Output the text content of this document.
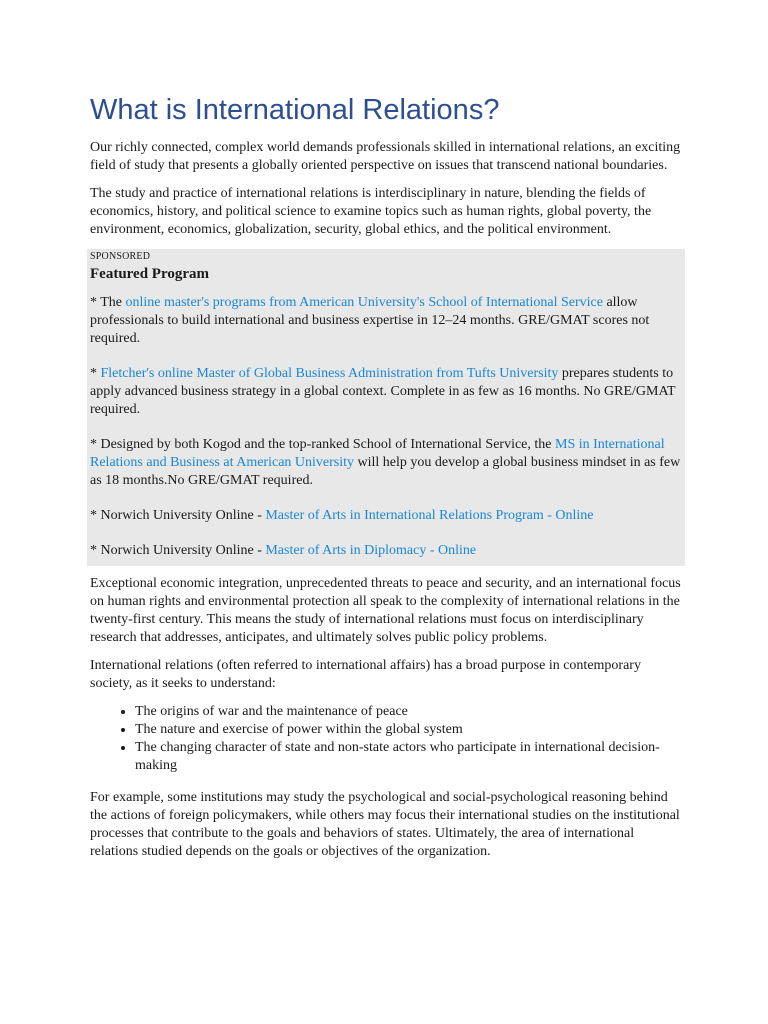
What is International Relations?

Our richly connected, complex world demands professionals skilled in international relations, an exciting field of study that presents a globally oriented perspective on issues that transcend national boundaries.

The study and practice of international relations is interdisciplinary in nature, blending the fields of economics, history, and political science to examine topics such as human rights, global poverty, the environment, economics, globalization, security, global ethics, and the political environment.

SPONSORED
Featured Program
* The online master's programs from American University's School of International Service allow professionals to build international and business expertise in 12–24 months. GRE/GMAT scores not required.
* Fletcher's online Master of Global Business Administration from Tufts University prepares students to apply advanced business strategy in a global context. Complete in as few as 16 months. No GRE/GMAT required.
* Designed by both Kogod and the top-ranked School of International Service, the MS in International Relations and Business at American University will help you develop a global business mindset in as few as 18 months.No GRE/GMAT required.
* Norwich University Online - Master of Arts in International Relations Program - Online
* Norwich University Online - Master of Arts in Diplomacy - Online

Exceptional economic integration, unprecedented threats to peace and security, and an international focus on human rights and environmental protection all speak to the complexity of international relations in the twenty-first century. This means the study of international relations must focus on interdisciplinary research that addresses, anticipates, and ultimately solves public policy problems.

International relations (often referred to international affairs) has a broad purpose in contemporary society, as it seeks to understand:

• The origins of war and the maintenance of peace
• The nature and exercise of power within the global system
• The changing character of state and non-state actors who participate in international decision-making

For example, some institutions may study the psychological and social-psychological reasoning behind the actions of foreign policymakers, while others may focus their international studies on the institutional processes that contribute to the goals and behaviors of states. Ultimately, the area of international relations studied depends on the goals or objectives of the organization.
